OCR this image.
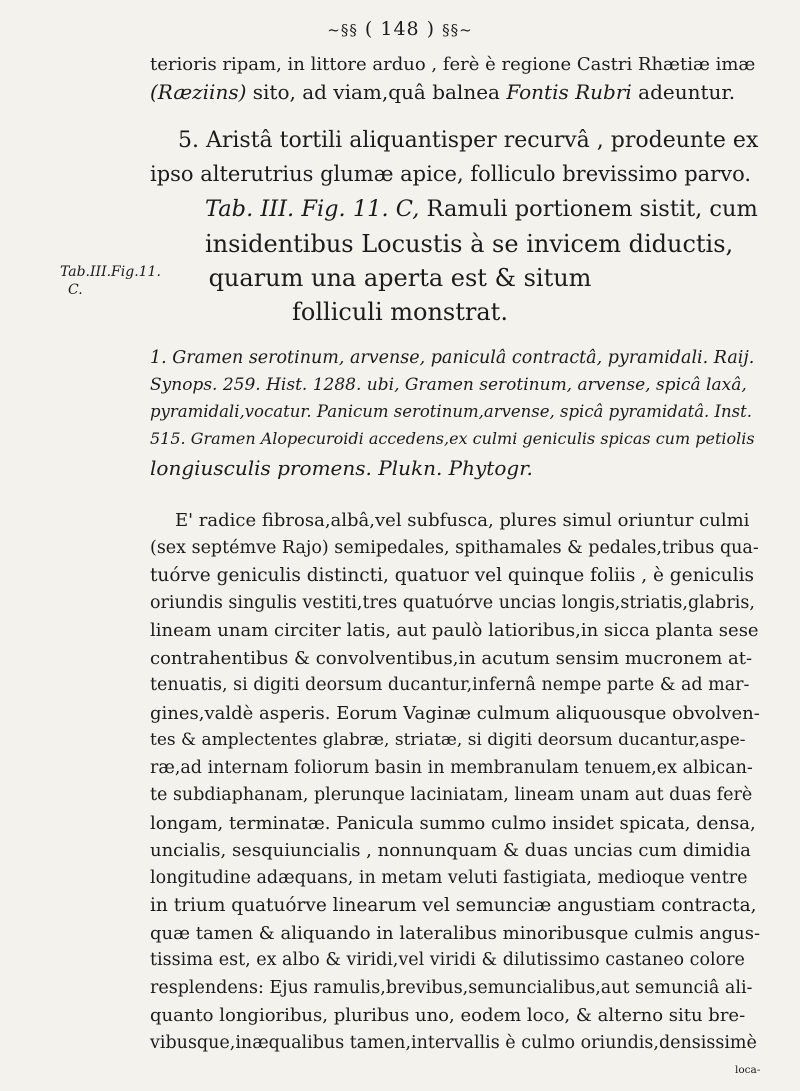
~§§ ( 148 ) §§~
terioris ripam, in littore arduo , ferè è regione Castri Rhætiæ imæ
(Ræziins) sito, ad viam,quâ balnea Fontis Rubri adeuntur.
Tab.III.Fig.11.
C.
5. Aristâ tortili aliquantisper recurvâ , prodeunte ex
ipso alterutrius glumæ apice, folliculo brevissimo parvo.
Tab. III. Fig. 11. C, Ramuli portionem sistit, cum
insidentibus Locustis à se invicem diductis,
quarum una aperta est & situm
folliculi monstrat.
1. Gramen serotinum, arvense, paniculâ contractâ, pyramidali. Raij.
Synops. 259. Hist. 1288. ubi, Gramen serotinum, arvense, spicâ laxâ,
pyramidali,vocatur. Panicum serotinum,arvense, spicâ pyramidatâ. Inst.
515. Gramen Alopecuroidi accedens,ex culmi geniculis spicas cum petiolis
longiusculis promens. Plukn. Phytogr.
E' radice fibrosa,albâ,vel subfusca, plures simul oriuntur culmi
(sex septémve Rajo) semipedales, spithamales & pedales,tribus qua-
tuórve geniculis distincti, quatuor vel quinque foliis , è geniculis
oriundis singulis vestiti,tres quatuórve uncias longis,striatis,glabris,
lineam unam circiter latis, aut paulò latioribus,in sicca planta sese
contrahentibus & convolventibus,in acutum sensim mucronem at-
tenuatis, si digiti deorsum ducantur,infernâ nempe parte & ad mar-
gines,valdè asperis. Eorum Vaginæ culmum aliquousque obvolven-
tes & amplectentes glabræ, striatæ, si digiti deorsum ducantur,aspe-
ræ,ad internam foliorum basin in membranulam tenuem,ex albican-
te subdiaphanam, plerunque laciniatam, lineam unam aut duas ferè
longam, terminatæ. Panicula summo culmo insidet spicata, densa,
uncialis, sesquiuncialis , nonnunquam & duas uncias cum dimidia
longitudine adæquans, in metam veluti fastigiata, medioque ventre
in trium quatuórve linearum vel semunciæ angustiam contracta,
quæ tamen & aliquando in lateralibus minoribusque culmis angus-
tissima est, ex albo & viridi,vel viridi & dilutissimo castaneo colore
resplendens: Ejus ramulis,brevibus,semuncialibus,aut semunciâ ali-
quanto longioribus, pluribus uno, eodem loco, & alterno situ bre-
vibusque,inæqualibus tamen,intervallis è culmo oriundis,densissimè
loca-
